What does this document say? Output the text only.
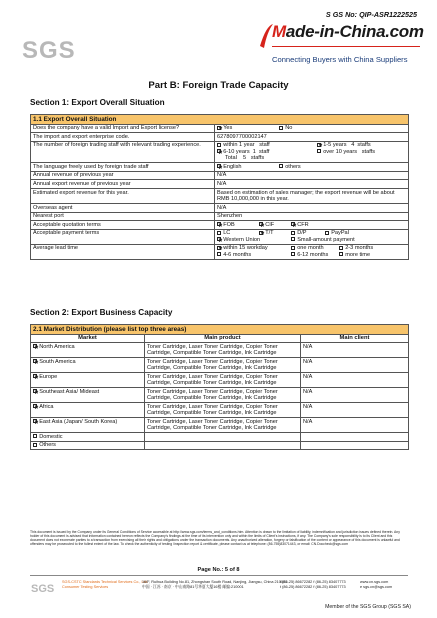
S GS No: QIP-ASR1222525
SGS
Made-in-China.com
Connecting Buyers with China Suppliers
Part B: Foreign Trade Capacity
Section 1: Export Overall Situation
1.1 Export Overall Situation	
Does the company have a valid Import and Export license?	Yes No
The import and export enterprise code.	6278097700002147
The number of foreign trading staff with relevant trading experience.	within 1 year staff 1-5 years 4 staffs
6-10 years 1 staff over 10 years staffs
Total 5 staffs

The language freely used by foreign trade staff	English others
Annual revenue of previous year	N/A
Annual export revenue of previous year	N/A
Estimated export revenue for this year.	Based on estimation of sales manager; the export revenue will be about RMB 10,000,000 in this year.
Overseas agent	N/A
Nearest port	Shenzhen
Acceptable quotation terms	FOB CIF CFR
Acceptable payment terms	LC T/T D/P PayPal
Western Union Small-amount payment

Average lead time	within 15 workday one month 2-3 months
4-6 months 6-12 months more time
Section 2: Export Business Capacity
2.1 Market Distribution (please list top three areas)		
Market	Main product	Main client
North America	Toner Cartridge, Laser Toner Cartridge, Copier Toner Cartridge, Compatible Toner Cartridge, Ink Cartridge	N/A
South America	Toner Cartridge, Laser Toner Cartridge, Copier Toner Cartridge, Compatible Toner Cartridge, Ink Cartridge	N/A
Europe	Toner Cartridge, Laser Toner Cartridge, Copier Toner Cartridge, Compatible Toner Cartridge, Ink Cartridge	N/A
Southeast Asia/ Mideast	Toner Cartridge, Laser Toner Cartridge, Copier Toner Cartridge, Compatible Toner Cartridge, Ink Cartridge	N/A
Africa	Toner Cartridge, Laser Toner Cartridge, Copier Toner Cartridge, Compatible Toner Cartridge, Ink Cartridge	N/A
East Asia (Japan/ South Korea)	Toner Cartridge, Laser Toner Cartridge, Copier Toner Cartridge, Compatible Toner Cartridge, Ink Cartridge	N/A
Domestic		
Others		
This document is issued by the Company under its General Conditions of Service accessible at http://www.sgs.com/terms_and_conditions.htm. Attention is drawn to the limitation of liability, indemnification and jurisdiction issues defined therein. Any holder of this document is advised that information contained hereon reflects the Company's findings at the time of its intervention only and within the limits of Client's instructions, if any. The Company's sole responsibility is to its Client and this document does not exonerate parties to a transaction from exercising all their rights and obligations under the transaction documents. Any unauthorized alteration, forgery or falsification of the content or appearance of this document is unlawful and offenders may be prosecuted to the fullest extent of the law. To check the authenticity of testing /inspection report & certificate, please contact us at telephone: (86-755)83071443, or email: CN.Doccheck@sgs.com
Page No.: 5 of 8
SGS
SGS-CSTC Standards Technical Services Co., Ltd.
Consumer Testing Services
16/F, Ruihua Building No.81, Zhongshan South Road, Nanjing, Jiangsu, China 210001
中国 · 江苏 · 南京 · 中山南路81号华夏大厦16楼 邮编:210001
t (86-25) 86672282 f (86-25) 83407773
t (86-25) 86672282 f (86-25) 83407773
www.cn.sgs.com
e sgs.cn@sgs.com
Member of the SGS Group (SGS SA)
